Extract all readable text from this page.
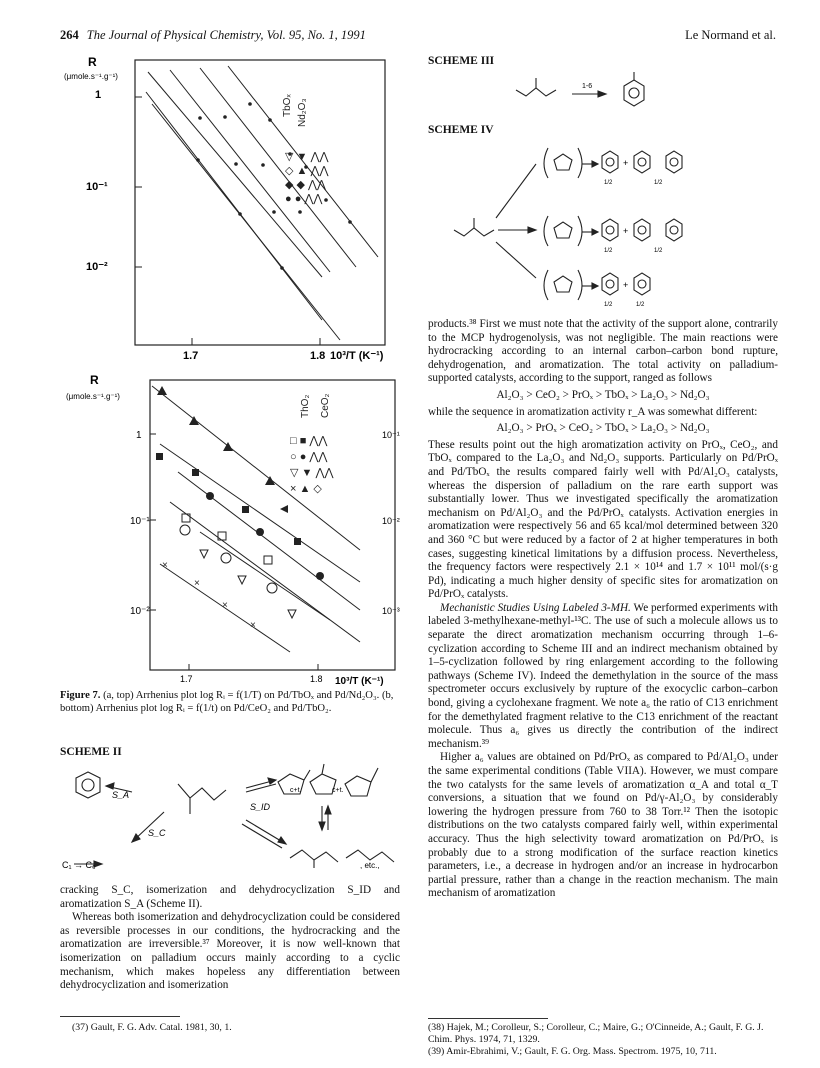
264 The Journal of Physical Chemistry, Vol. 95, No. 1, 1991	Le Normand et al.
R
(μmole.s⁻¹.g⁻¹)
1
10⁻¹
10⁻²
1.7	1.8 10³/T (K⁻¹)
TbOₓ Nd₂O₃
▽ ▼ ⋀⋀
◇ ▲ ⋀⋀
◆ ◆ ⋀⋀
● ● ⋀⋀
R
(μmole.s⁻¹.g⁻¹)
1
10⁻¹
10⁻²
10⁻¹
10⁻²
10⁻³
1.7	1.8 10³/T (K⁻¹)
×
×
×
×
ThO₂ CeO₂
□ ■ ⋀⋀
○ ● ⋀⋀
▽ ▼ ⋀⋀
× ▲ ◇
Figure 7. (a, top) Arrhenius plot log Rᵢ = f(1/T) on Pd/TbOₓ and Pd/Nd₂O₃. (b, bottom) Arrhenius plot log Rᵢ = f(1/t) on Pd/CeO₂ and Pd/TbO₂.
SCHEME II
S_A
S_C
S_ID
C₁ → C₆
c+t.	c+t.
, etc.,

cracking S_C, isomerization and dehydrocyclization S_ID and aromatization S_A (Scheme II).

Whereas both isomerization and dehydrocyclization could be considered as reversible processes in our conditions, the hydrocracking and the aromatization are irreversible.³⁷ Moreover, it is now well-known that isomerization on palladium occurs mainly according to a cyclic mechanism, which makes hopeless any differentiation between dehydrocyclization and isomerization

(37) Gault, F. G. Adv. Catal. 1981, 30, 1.
SCHEME III
1-6
SCHEME IV
+
+
+
1/2	1/2
1/2	1/2
1/2	1/2

products.³⁸ First we must note that the activity of the support alone, contrarily to the MCP hydrogenolysis, was not negligible. The main reactions were hydrocracking according to an internal carbon–carbon bond rupture, dehydrogenation, and aromatization. The total activity on palladium-supported catalysts, according to the support, ranged as follows

Al₂O₃ > CeO₂ > PrOₓ > TbOₓ > La₂O₃ > Nd₂O₃

while the sequence in aromatization activity r_A was somewhat different:

Al₂O₃ > PrOₓ > CeO₂ > TbOₓ > La₂O₃ > Nd₂O₃

These results point out the high aromatization activity on PrOₓ, CeO₂, and TbOₓ compared to the La₂O₃ and Nd₂O₃ supports. Particularly on Pd/PrOₓ and Pd/TbOₓ the results compared fairly well with Pd/Al₂O₃ catalysts, whereas the dispersion of palladium on the rare earth support was substantially lower. Thus we investigated specifically the aromatization mechanism on Pd/Al₂O₃ and the Pd/PrOₓ catalysts. Activation energies in aromatization were respectively 56 and 65 kcal/mol determined between 320 and 360 °C but were reduced by a factor of 2 at higher temperatures in both cases, suggesting kinetical limitations by a diffusion process. Nevertheless, the frequency factors were respectively 2.1 × 10¹⁴ and 1.7 × 10¹¹ mol/(s·g Pd), indicating a much higher density of specific sites for aromatization on Pd/PrOₓ catalysts.

Mechanistic Studies Using Labeled 3-MH. We performed experiments with labeled 3-methylhexane-methyl-¹³C. The use of such a molecule allows us to separate the direct aromatization mechanism occurring through 1–6-cyclization according to Scheme III and an indirect mechanism obtained by 1–5-cyclization followed by ring enlargement according to the following pathways (Scheme IV). Indeed the demethylation in the source of the mass spectrometer occurs exclusively by rupture of the exocyclic carbon–carbon bond, giving a cyclohexane fragment. We note a₆ the ratio of C13 enrichment for the demethylated fragment relative to the C13 enrichment of the reactant molecule. Thus a₆ gives us directly the contribution of the indirect mechanism.³⁹

Higher a₆ values are obtained on Pd/PrOₓ as compared to Pd/Al₂O₃ under the same experimental conditions (Table VIIA). However, we must compare the two catalysts for the same levels of aromatization α_A and total α_T conversions, a situation that we found on Pd/γ-Al₂O₃ by considerably lowering the hydrogen pressure from 760 to 38 Torr.¹² Then the isotopic distributions on the two catalysts compared fairly well, within experimental accuracy. Thus the high selectivity toward aromatization on Pd/PrOₓ is probably due to a strong modification of the surface reaction kinetics parameters, i.e., a decrease in hydrogen and/or an increase in hydrocarbon partial pressure, rather than a change in the reaction mechanism. The main mechanism of aromatization

(38) Hajek, M.; Corolleur, S.; Corolleur, C.; Maire, G.; O'Cinneide, A.; Gault, F. G. J. Chim. Phys. 1974, 71, 1329.
(39) Amir-Ebrahimi, V.; Gault, F. G. Org. Mass. Spectrom. 1975, 10, 711.
